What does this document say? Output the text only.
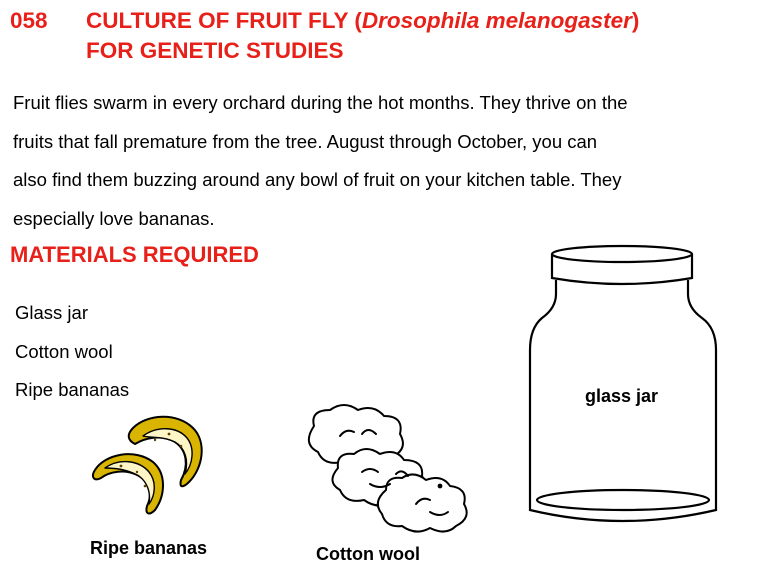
058 CULTURE OF FRUIT FLY (Drosophila melanogaster)
FOR GENETIC STUDIES

Fruit flies swarm in every orchard during the hot months. They thrive on the

fruits that fall premature from the tree. August through October, you can

also find them buzzing around any bowl of fruit on your kitchen table. They

especially love bananas.

MATERIALS REQUIRED
Glass jar
Cotton wool
Ripe bananas
Ripe bananas	Cotton wool
glass jar
